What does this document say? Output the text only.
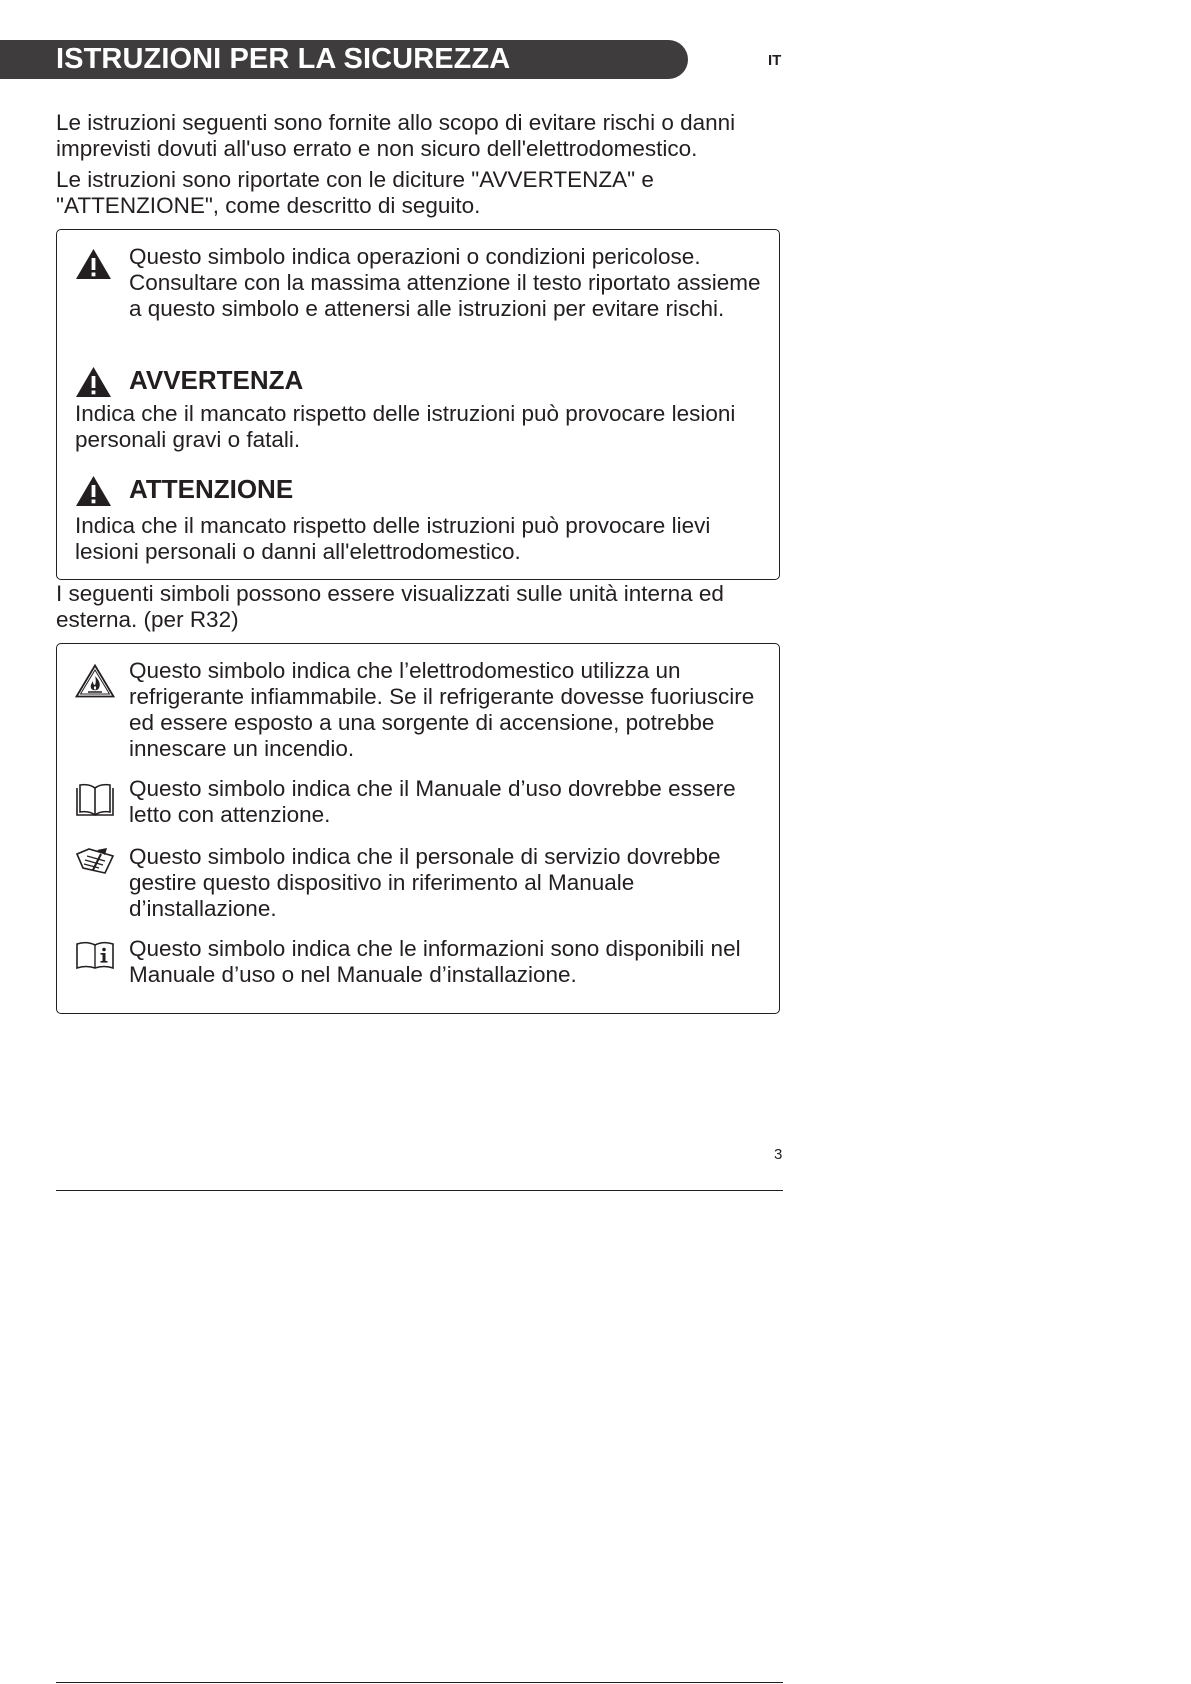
ISTRUZIONI PER LA SICUREZZA	IT

Le istruzioni seguenti sono fornite allo scopo di evitare rischi o danni imprevisti dovuti all'uso errato e non sicuro dell'elettrodomestico.

Le istruzioni sono riportate con le diciture "AVVERTENZA" e "ATTENZIONE", come descritto di seguito.

Questo simbolo indica operazioni o condizioni pericolose. Consultare con la massima attenzione il testo riportato assieme a questo simbolo e attenersi alle istruzioni per evitare rischi.

AVVERTENZA

Indica che il mancato rispetto delle istruzioni può provocare lesioni personali gravi o fatali.

ATTENZIONE

Indica che il mancato rispetto delle istruzioni può provocare lievi lesioni personali o danni all'elettrodomestico.

I seguenti simboli possono essere visualizzati sulle unità interna ed esterna. (per R32)

Questo simbolo indica che l’elettrodomestico utilizza un refrigerante infiammabile. Se il refrigerante dovesse fuoriuscire ed essere esposto a una sorgente di accensione, potrebbe innescare un incendio.

Questo simbolo indica che il Manuale d’uso dovrebbe essere letto con attenzione.

Questo simbolo indica che il personale di servizio dovrebbe gestire questo dispositivo in riferimento al Manuale d’installazione.

Questo simbolo indica che le informazioni sono disponibili nel Manuale d’uso o nel Manuale d’installazione.

3
